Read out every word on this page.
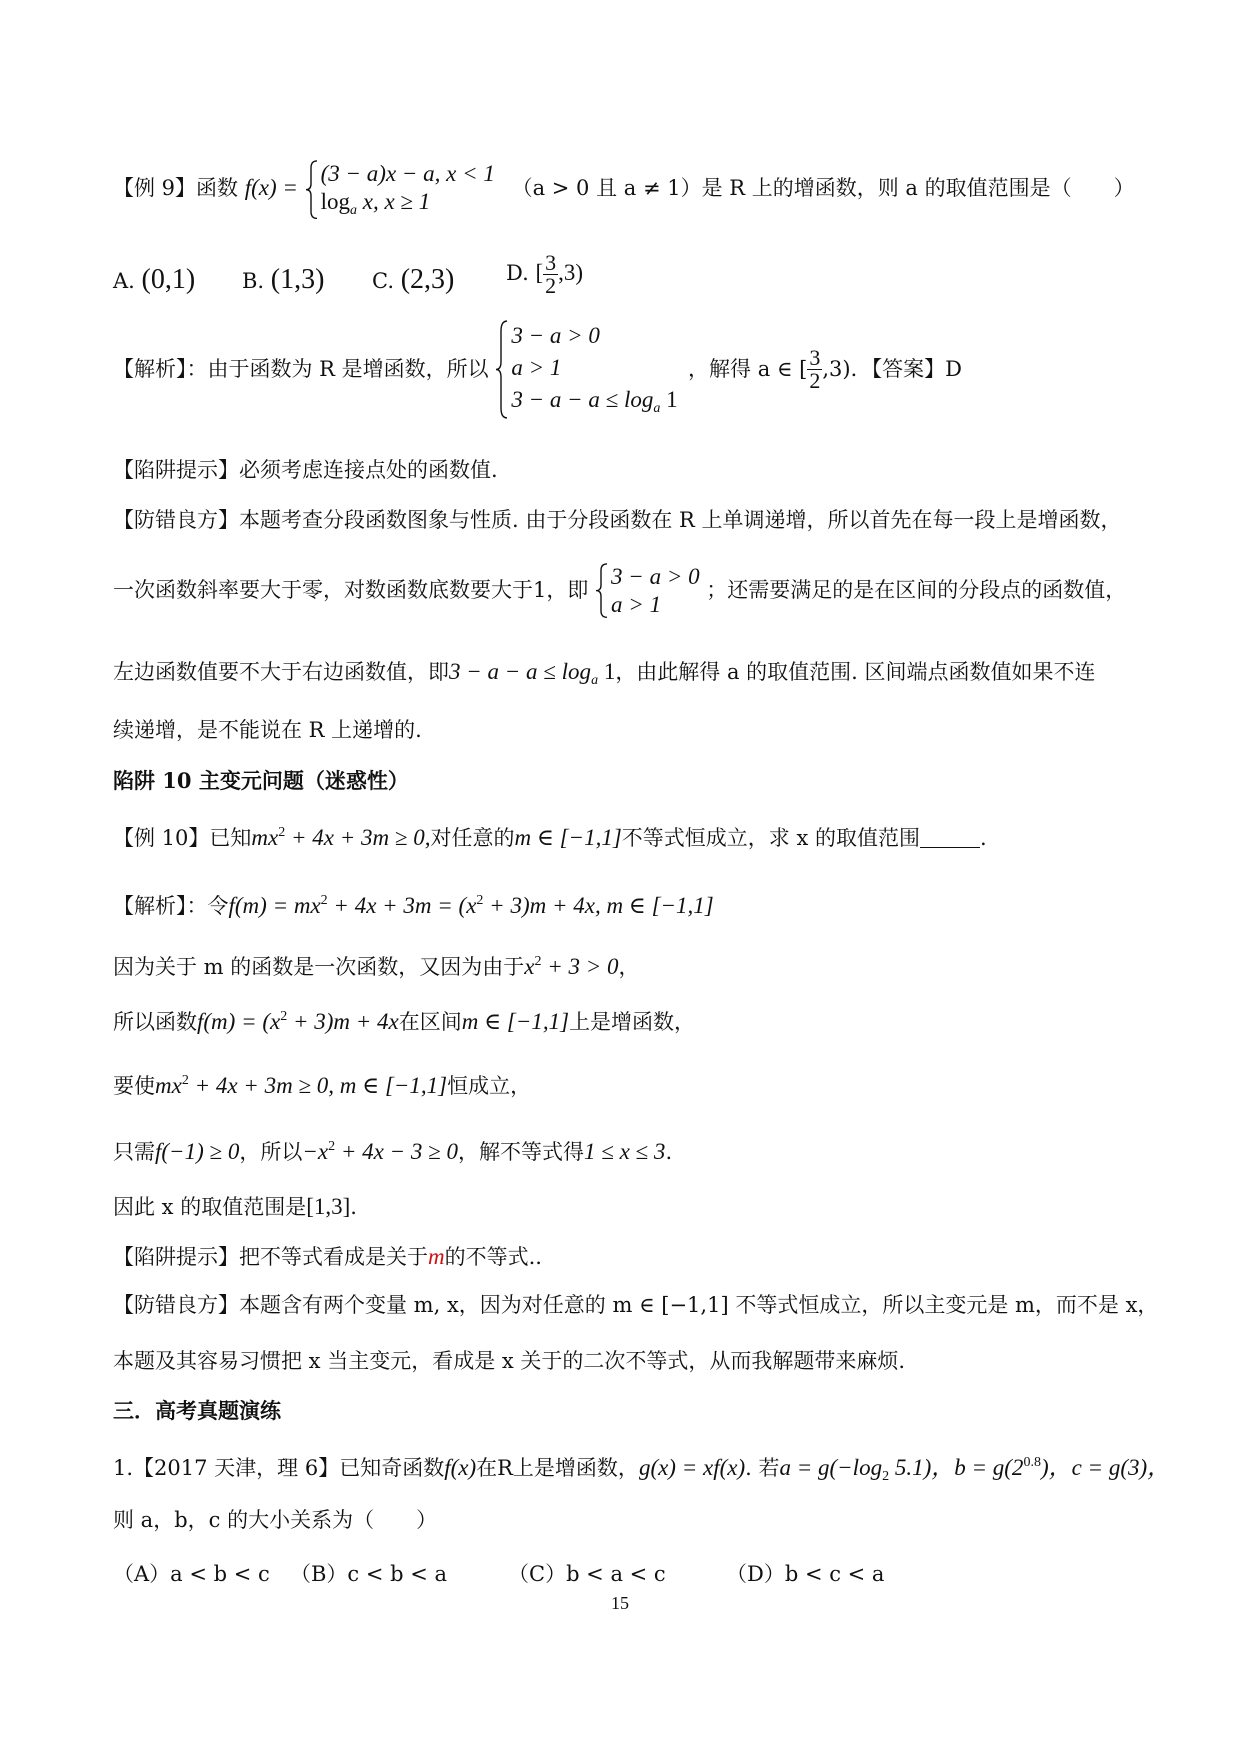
【例 9】函数 f(x) =
(3 − a)x − a, x < 1
$\log_a x$, x ≥ 1
（a > 0 且 a ≠ 1）是 R 上的增函数，则 a 的取值范围是（　　）
A. (0,1) B. (1,3) C. (2,3) D. [ $\frac{3}{2} ,3$)
【解析】：由于函数为 R 是增函数，所以
3 − a > 0
a > 1
$3 - a - a \le \log_a 1$
，解得 a ∈ [ $\frac{3}{2} ,3$)．【答案】D
【陷阱提示】必须考虑连接点处的函数值.
【防错良方】本题考查分段函数图象与性质. 由于分段函数在 R 上单调递增，所以首先在每一段上是增函数，
一次函数斜率要大于零，对数函数底数要大于1，即
3 − a > 0
a > 1
；还需要满足的是在区间的分段点的函数值，
左边函数值要不大于右边函数值，即$3 - a - a \le \log_a 1$，由此解得 a 的取值范围. 区间端点函数值如果不连
续递增，是不能说在 R 上递增的.
陷阱 10 主变元问题（迷惑性）
【例 10】已知$mx^2 + 4x + 3m \ge 0$,对任意的m ∈ [−1,1]不等式恒成立，求 x 的取值范围	.
【解析】：令$f(m) = mx^2 + 4x + 3m = (x^2 + 3)m + 4x$, m ∈ [−1,1]
因为关于 m 的函数是一次函数，又因为由于$x^2 + 3 > 0$，
所以函数$f(m) = (x^2 + 3)m + 4x$在区间m ∈ [−1,1]上是增函数，
要使$mx^2 + 4x + 3m \ge 0$, m ∈ [−1,1]恒成立，
只需f(−1) ≥ 0，所以$-x^2 + 4x - 3 \ge 0$，解不等式得1 ≤ x ≤ 3.
因此 x 的取值范围是[1,3].
【陷阱提示】把不等式看成是关于m的不等式..
【防错良方】本题含有两个变量 m, x，因为对任意的 m ∈ [−1,1] 不等式恒成立，所以主变元是 m，而不是 x，
本题及其容易习惯把 x 当主变元，看成是 x 关于的二次不等式，从而我解题带来麻烦.
三．高考真题演练
1.【2017 天津，理 6】已知奇函数f(x)在R上是增函数，g(x) = xf(x). 若$a = g(-\log_2$ 5.1)，$b = g(2^{0.8})$，c = g(3)，
则 a，b，c 的大小关系为（　　）
（A）a < b < c （B）c < b < a	（C）b < a < c	（D）b < c < a
15
